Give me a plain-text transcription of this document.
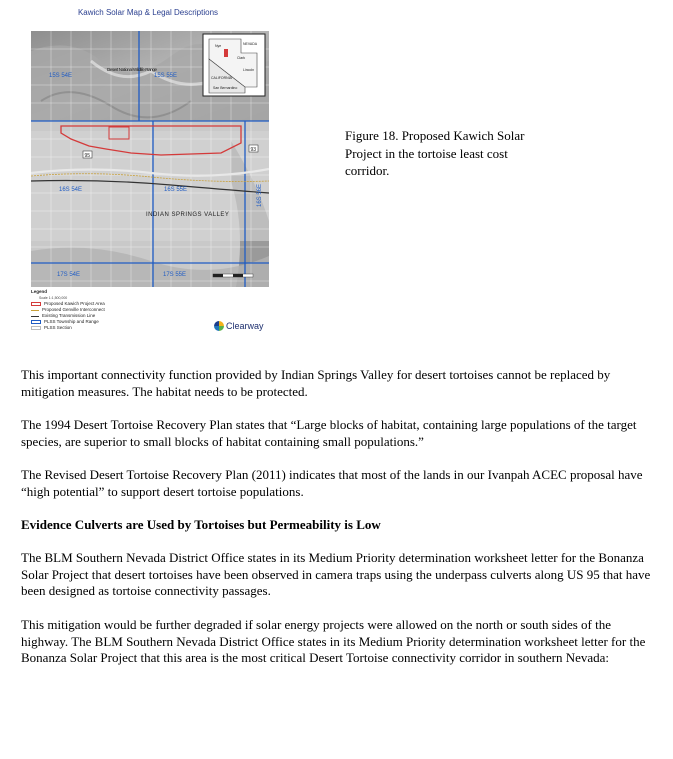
Kawich Solar Map & Legal Descriptions
15S 54E	15S 55E
16S 54E	16S 55E
17S 54E	17S 55E
16S 56E
Desert National Wildlife Range
INDIAN SPRINGS VALLEY
95
93
NEVADA
CALIFORNIA
Nye
Lincoln
Clark
San Bernardino
Legend
Scale 1:1,500,000
Proposed Kawich Project Area
Proposed Genville Interconnect
Existing Transmission Line
PLSS Township and Range
PLSS Section	Clearway
Figure 18. Proposed Kawich Solar Project in the tortoise least cost corridor.

This important connectivity function provided by Indian Springs Valley for desert tortoises cannot be replaced by mitigation measures. The habitat needs to be protected.

The 1994 Desert Tortoise Recovery Plan states that “Large blocks of habitat, containing large populations of the target species, are superior to small blocks of habitat containing small populations.”

The Revised Desert Tortoise Recovery Plan (2011) indicates that most of the lands in our Ivanpah ACEC proposal have “high potential” to support desert tortoise populations.

Evidence Culverts are Used by Tortoises but Permeability is Low

The BLM Southern Nevada District Office states in its Medium Priority determination worksheet letter for the Bonanza Solar Project that desert tortoises have been observed in camera traps using the underpass culverts along US 95 that have been designed as tortoise connectivity passages.

This mitigation would be further degraded if solar energy projects were allowed on the north or south sides of the highway. The BLM Southern Nevada District Office states in its Medium Priority determination worksheet letter for the Bonanza Solar Project that this area is the most critical Desert Tortoise connectivity corridor in southern Nevada:
